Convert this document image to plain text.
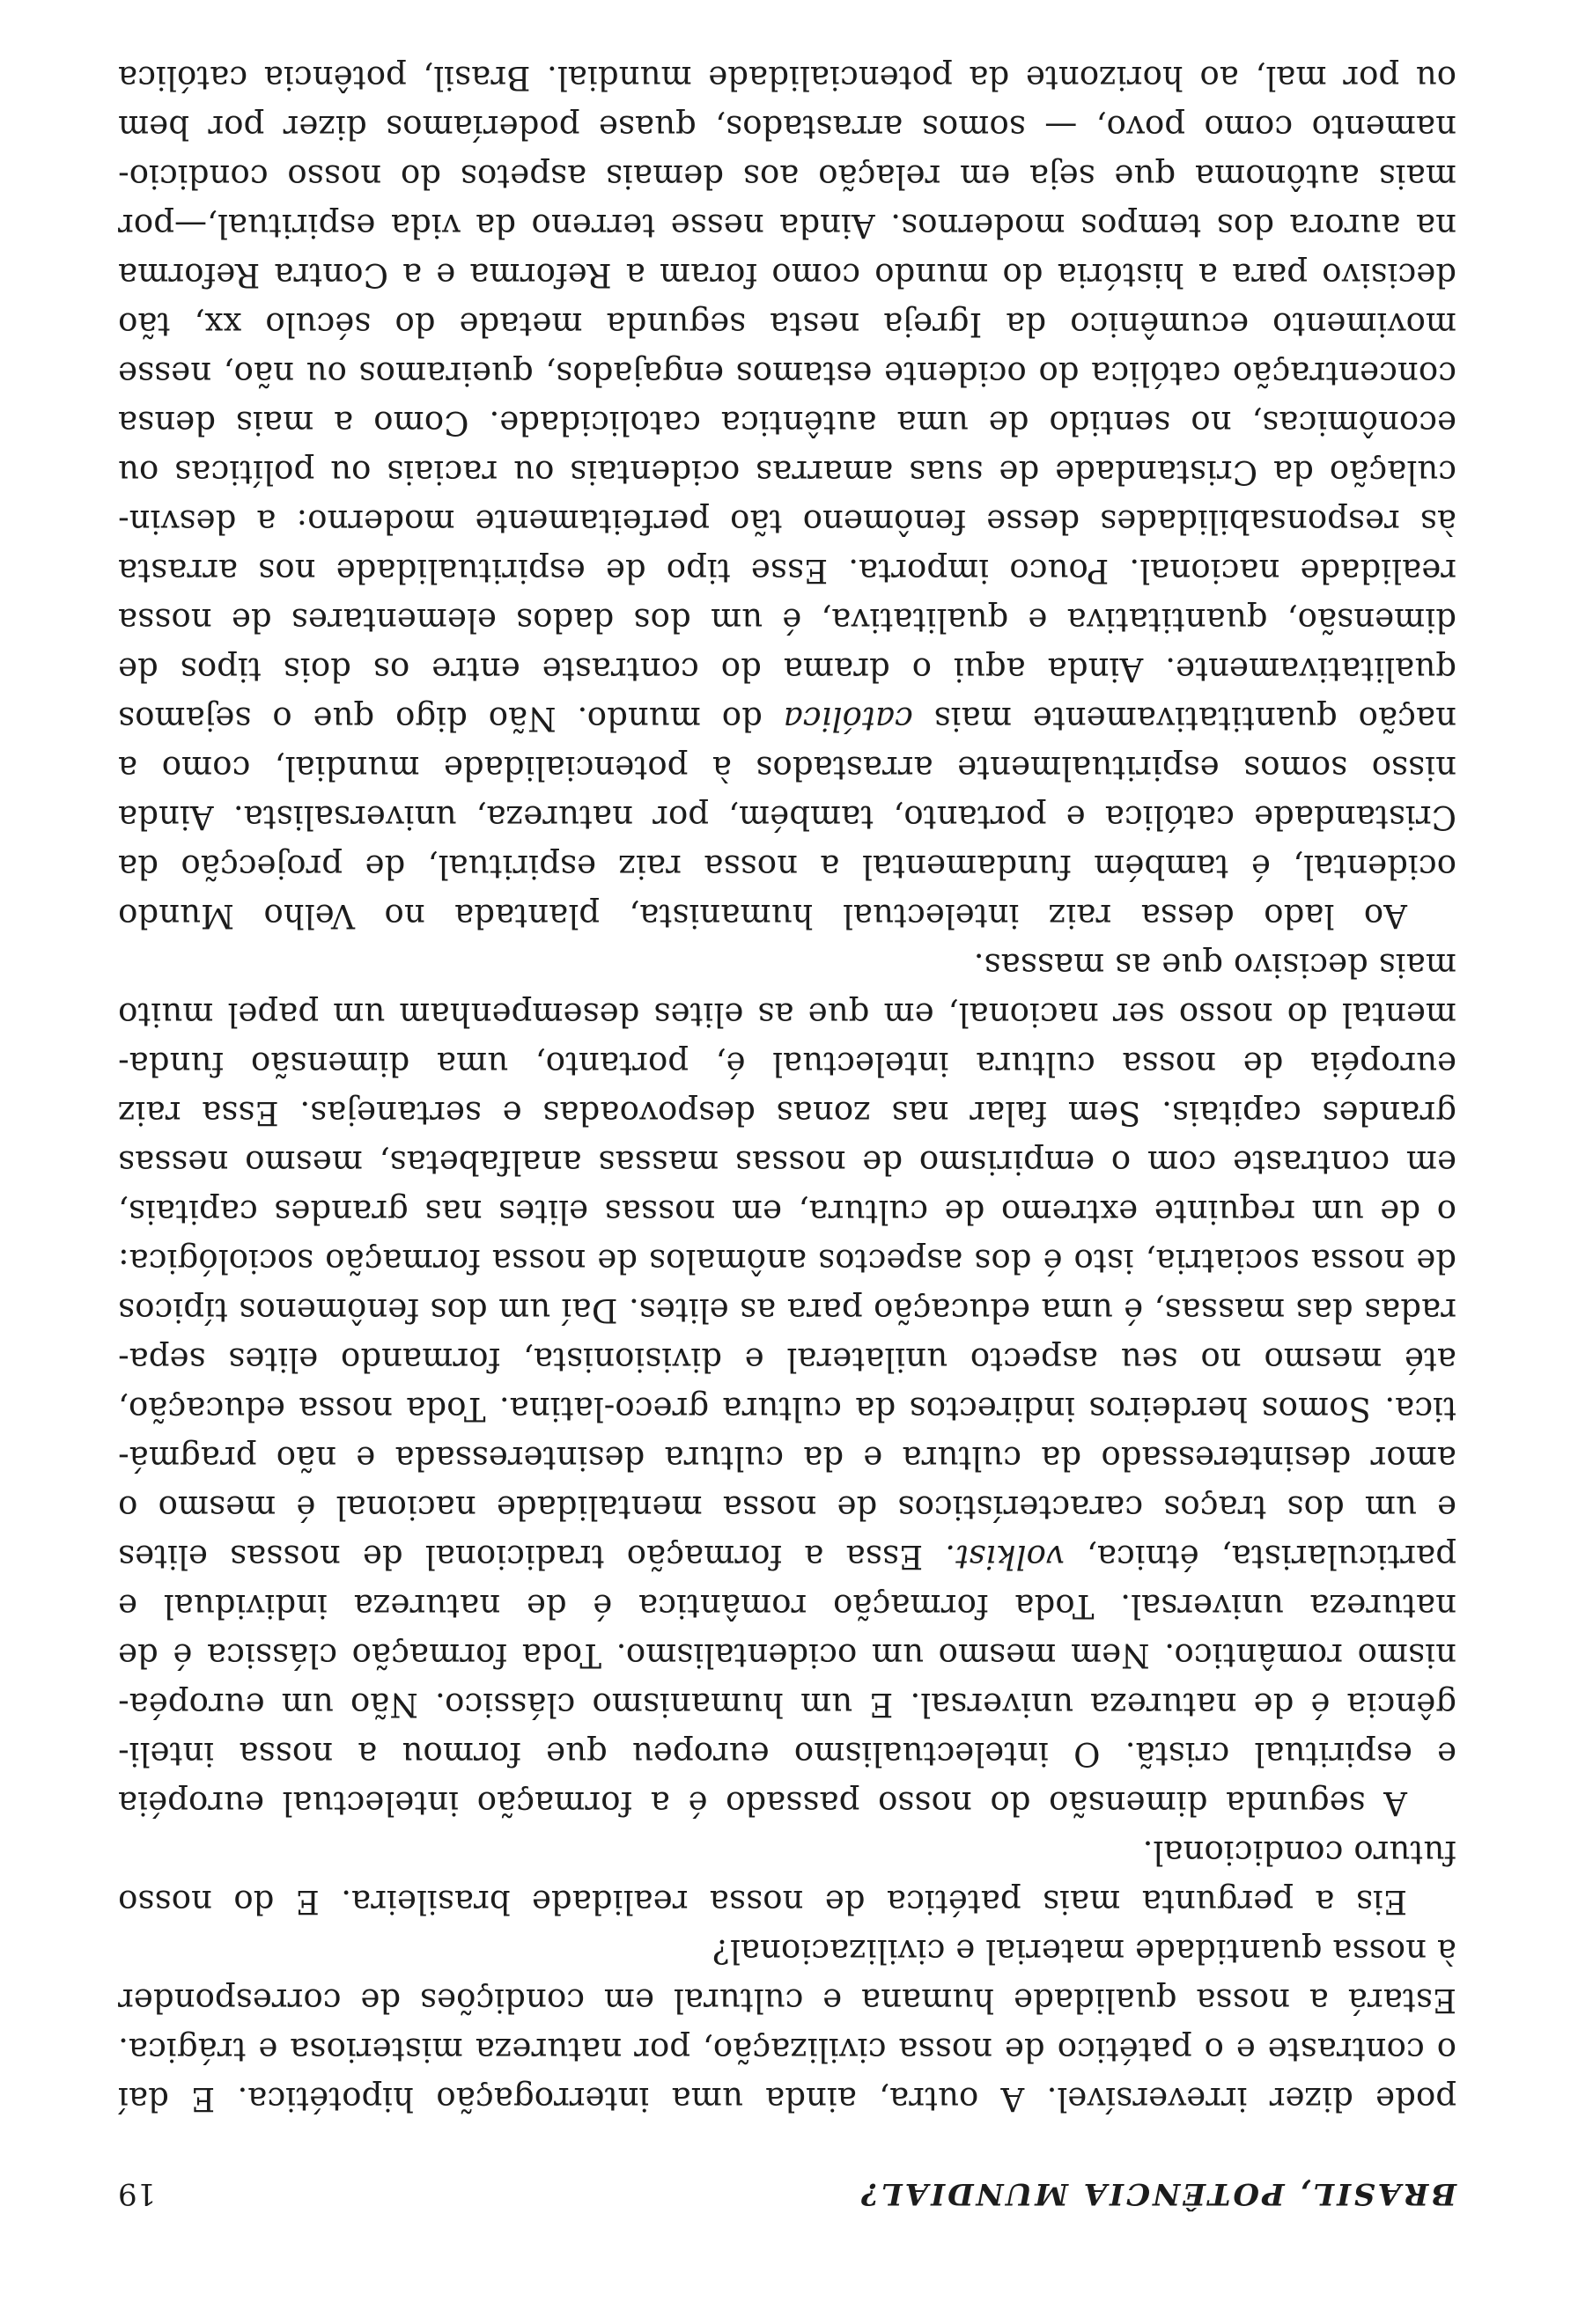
BRASIL, POTÊNCIA MUNDIAL?
19
pode dizer irreversível. A outra, ainda uma interrogação hipotética. E daí
o contraste e o patético de nossa civilização, por natureza misteriosa e trágica.
Estará a nossa qualidade humana e cultural em condições de corresponder
à nossa quantidade material e civilizacional?
Eis a pergunta mais patética de nossa realidade brasileira. E do nosso
futuro condicional.
A segunda dimensão do nosso passado é a formação intelectual européia
e espiritual cristã. O intelectualismo europeu que formou a nossa inteli-
gência é de natureza universal. E um humanismo clássico. Não um européa-
nismo romântico. Nem mesmo um ocidentalismo. Toda formação clássica é de
natureza universal. Toda formação romântica é de natureza individual e
particularista, étnica, volkist. Essa a formação tradicional de nossas elites
e um dos traços característicos de nossa mentalidade nacional é mesmo o
amor desinteressado da cultura e da cultura desinteressada e não pragmá-
tica. Somos herdeiros indirectos da cultura greco-latina. Toda nossa educação,
até mesmo no seu aspecto unilateral e divisionista, formando elites sepa-
radas das massas, é uma educação para as elites. Daí um dos fenômenos típicos
de nossa sociatria, isto é dos aspectos anômalos de nossa formação sociológica:
o de um requinte extremo de cultura, em nossas elites nas grandes capitais,
em contraste com o empirismo de nossas massas analfabetas, mesmo nessas
grandes capitais. Sem falar nas zonas despovoadas e sertanejas. Essa raiz
européia de nossa cultura intelectual é, portanto, uma dimensão funda-
mental do nosso ser nacional, em que as elites desempenham um papel muito
mais decisivo que as massas.
Ao lado dessa raiz intelectual humanista, plantada no Velho Mundo
ocidental, é também fundamental a nossa raiz espiritual, de projecção da
Cristandade católica e portanto, também, por natureza, universalista. Ainda
nisso somos espiritualmente arrastados à potencialidade mundial, como a
nação quantitativamente mais católica do mundo. Não digo que o sejamos
qualitativamente. Ainda aqui o drama do contraste entre os dois tipos de
dimensão, quantitativa e qualitativa, é um dos dados elementares de nossa
realidade nacional. Pouco importa. Esse tipo de espiritualidade nos arrasta
às responsabilidades desse fenômeno tão perfeitamente moderno: a desvin-
culação da Cristandade de suas amarras ocidentais ou raciais ou políticas ou
econômicas, no sentido de uma autêntica catolicidade. Como a mais densa
concentração católica do ocidente estamos engajados, queiramos ou não, nesse
movimento ecumênico da Igreja nesta segunda metade do século xx, tão
decisivo para a história do mundo como foram a Reforma e a Contra Reforma
na aurora dos tempos modernos. Ainda nesse terreno da vida espiritual,—por
mais autônoma que seja em relação aos demais aspetos do nosso condicio-
namento como povo, — somos arrastados, quase poderíamos dizer por bem
ou por mal, ao horizonte da potencialidade mundial. Brasil, potência católica
